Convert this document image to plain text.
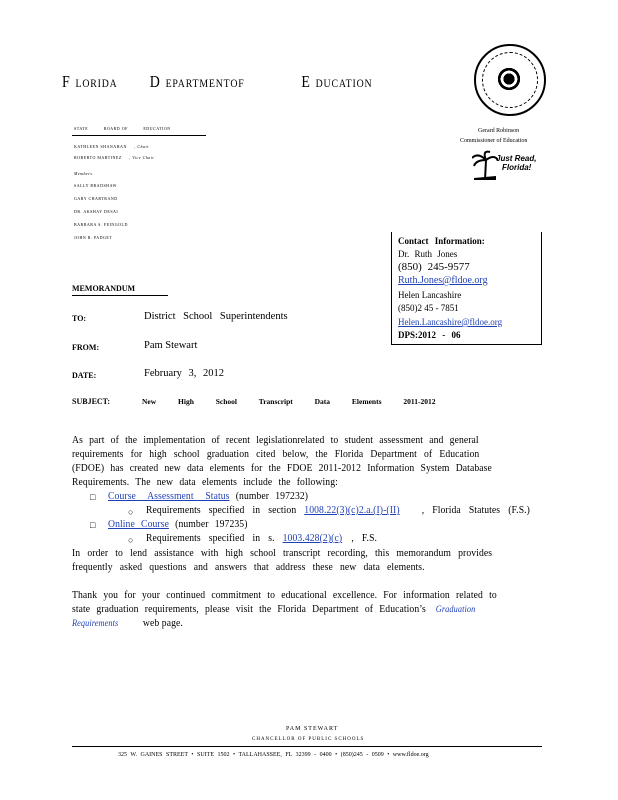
F LORIDA D EPARTMENTOF	E DUCATION
STATE	BOARD OF	EDUCATION
KATHLEEN SHANAHAN , Chair
ROBERTO MARTINEZ , Vice Chair
Members
SALLY BRADSHAW
GARY CHARTRAND
DR. AKSHAY DESAI
BARBARA S. FEINGOLD
JOHN R. PADGET
Gerard Robinson
Commissioner of Education
Just Read,
Florida!
Contact Information:
Dr. Ruth Jones
(850) 245-9577
Ruth.Jones@fldoe.org
Helen Lancashire
(850)2 45 - 7851
Helen.Lancashire@fldoe.org
DPS:2012 - 06
MEMORANDUM
TO:	District School Superintendents
FROM:	Pam Stewart
DATE:	February 3, 2012
SUBJECT:	New High School Transcript Data Elements 2011-2012
As part of the implementation of recent legislationrelated to student assessment and general
requirements for high school graduation cited below, the Florida Department of Education
(FDOE) has created new data elements for the FDOE 2011-2012 Information System Database
Requirements. The new data elements include the following:
□ Course Assessment Status (number 197232)
○ Requirements specified in section 1008.22(3)(c)2.a.(I)-(II) , Florida Statutes (F.S.)
□ Online Course (number 197235)
○ Requirements specified in s. 1003.428(2)(c) , F.S.
In order to lend assistance with high school transcript recording, this memorandum provides
frequently asked questions and answers that address these new data elements.
Thank you for your continued commitment to educational excellence. For information related to
state graduation requirements, please visit the Florida Department of Education’s Graduation
Requirements web page.
PAM STEWART
CHANCELLOR OF PUBLIC SCHOOLS
325 W. GAINES STREET • SUITE 1502 • TALLAHASSEE, FL 32399 - 0400 • (850)245 - 0509 • www.fldoe.org
